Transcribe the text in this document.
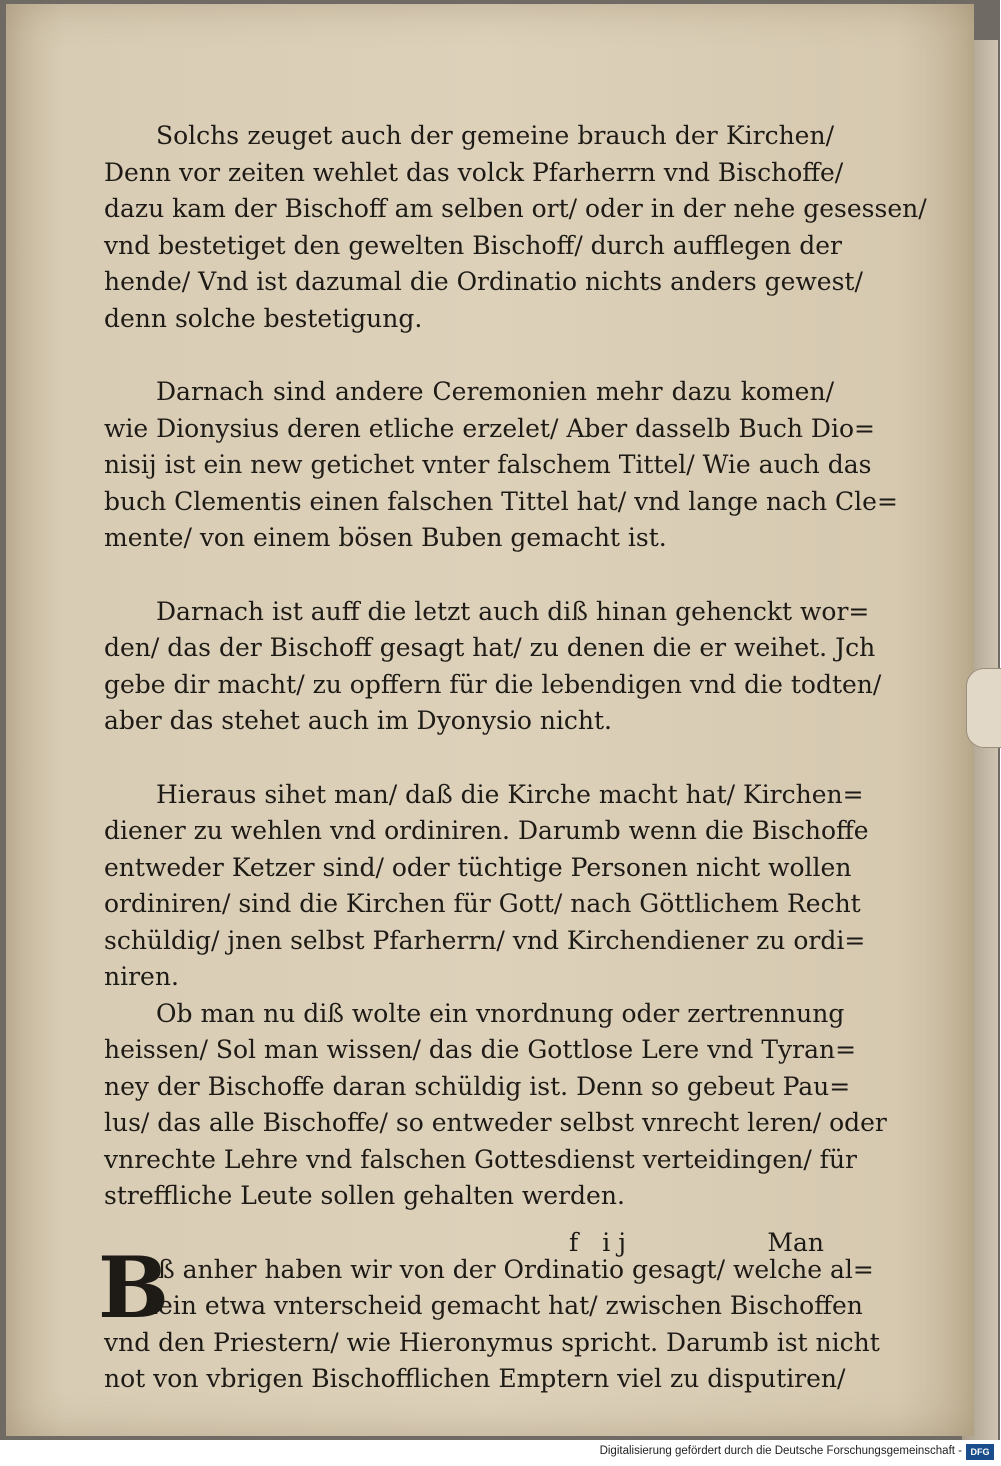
Solchs zeuget auch der gemeine brauch der Kirchen/
Denn vor zeiten wehlet das volck Pfarherrn vnd Bischoffe/
dazu kam der Bischoff am selben ort/ oder in der nehe gesessen/
vnd bestetiget den gewelten Bischoff/ durch aufflegen der
hende/ Vnd ist dazumal die Ordinatio nichts anders gewest/
denn solche bestetigung.
Darnach sind andere Ceremonien mehr dazu komen/
wie Dionysius deren etliche erzelet/ Aber dasselb Buch Dio=
nisij ist ein new getichet vnter falschem Tittel/ Wie auch das
buch Clementis einen falschen Tittel hat/ vnd lange nach Cle=
mente/ von einem bösen Buben gemacht ist.
Darnach ist auff die letzt auch diß hinan gehenckt wor=
den/ das der Bischoff gesagt hat/ zu denen die er weihet. Jch
gebe dir macht/ zu opffern für die lebendigen vnd die todten/
aber das stehet auch im Dyonysio nicht.
Hieraus sihet man/ daß die Kirche macht hat/ Kirchen=
diener zu wehlen vnd ordiniren. Darumb wenn die Bischoffe
entweder Ketzer sind/ oder tüchtige Personen nicht wollen
ordiniren/ sind die Kirchen für Gott/ nach Göttlichem Recht
schüldig/ jnen selbst Pfarherrn/ vnd Kirchendiener zu ordi=
niren.
Ob man nu diß wolte ein vnordnung oder zertrennung
heissen/ Sol man wissen/ das die Gottlose Lere vnd Tyran=
ney der Bischoffe daran schüldig ist. Denn so gebeut Pau=
lus/ das alle Bischoffe/ so entweder selbst vnrecht leren/ oder
vnrechte Lehre vnd falschen Gottesdienst verteidingen/ für
streffliche Leute sollen gehalten werden.
B
iß anher haben wir von der Ordinatio gesagt/ welche al=
lein etwa vnterscheid gemacht hat/ zwischen Bischoffen
vnd den Priestern/ wie Hieronymus spricht. Darumb ist nicht
not von vbrigen Bischofflichen Emptern viel zu disputiren/
f ij	Man
Digitalisierung gefördert durch die Deutsche Forschungsgemeinschaft - DFG
